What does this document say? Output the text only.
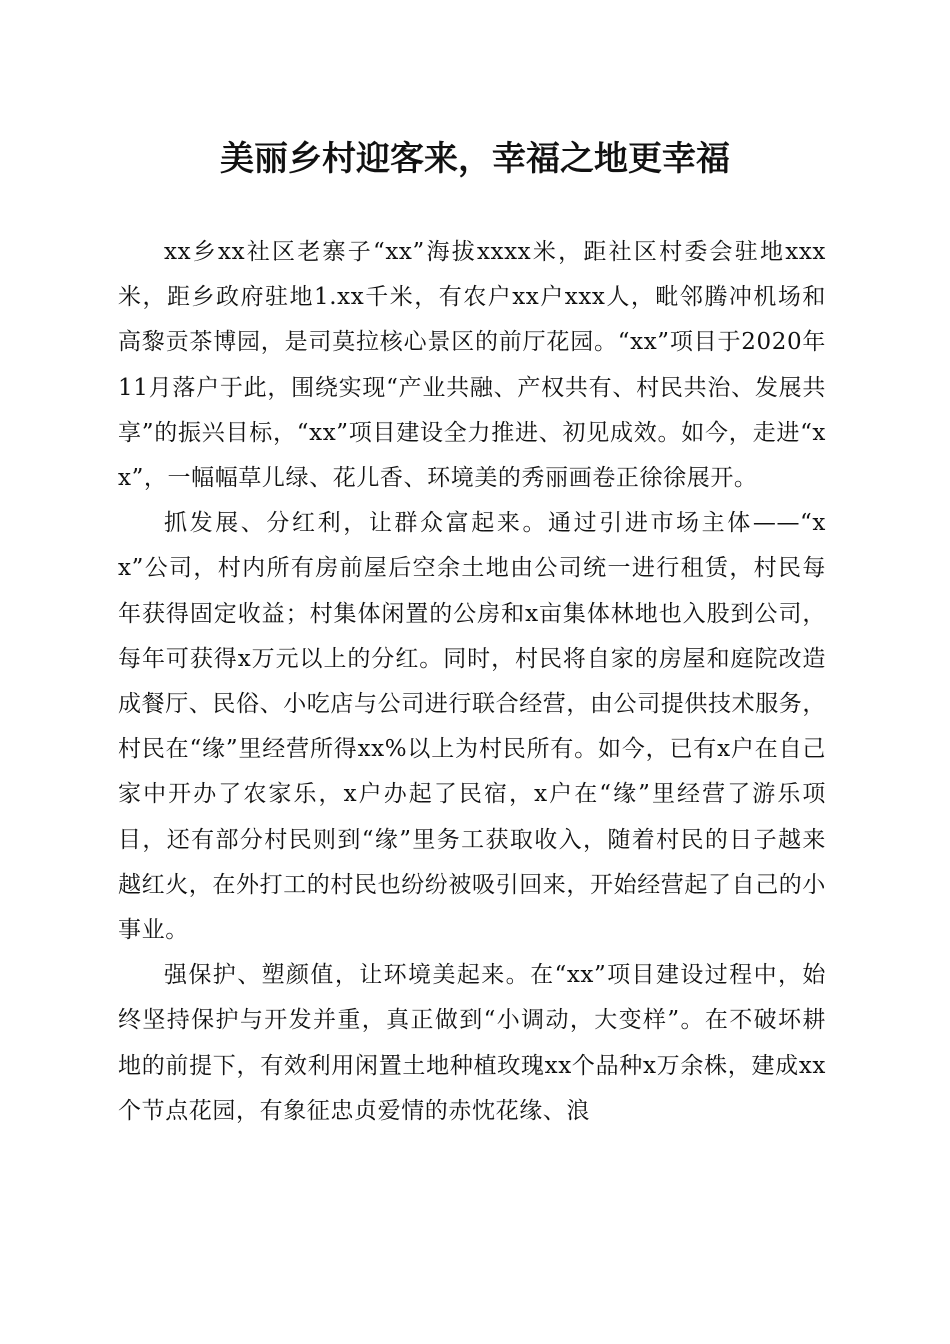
美丽乡村迎客来，幸福之地更幸福

xx乡xx社区老寨子“xx”海拔xxxx米，距社区村委会驻地xxx米，距乡政府驻地1.xx千米，有农户xx户xxx人，毗邻腾冲机场和高黎贡茶博园，是司莫拉核心景区的前厅花园。“xx”项目于2020年11月落户于此，围绕实现“产业共融、产权共有、村民共治、发展共享”的振兴目标，“xx”项目建设全力推进、初见成效。如今，走进“xx”，一幅幅草儿绿、花儿香、环境美的秀丽画卷正徐徐展开。

抓发展、分红利，让群众富起来。通过引进市场主体——“xx”公司，村内所有房前屋后空余土地由公司统一进行租赁，村民每年获得固定收益；村集体闲置的公房和x亩集体林地也入股到公司，每年可获得x万元以上的分红。同时，村民将自家的房屋和庭院改造成餐厅、民俗、小吃店与公司进行联合经营，由公司提供技术服务，村民在“缘”里经营所得xx%以上为村民所有。如今，已有x户在自己家中开办了农家乐，x户办起了民宿，x户在“缘”里经营了游乐项目，还有部分村民则到“缘”里务工获取收入，随着村民的日子越来越红火，在外打工的村民也纷纷被吸引回来，开始经营起了自己的小事业。

强保护、塑颜值，让环境美起来。在“xx”项目建设过程中，始终坚持保护与开发并重，真正做到“小调动，大变样”。在不破坏耕地的前提下，有效利用闲置土地种植玫瑰xx个品种x万余株，建成xx个节点花园，有象征忠贞爱情的赤忱花缘、浪
